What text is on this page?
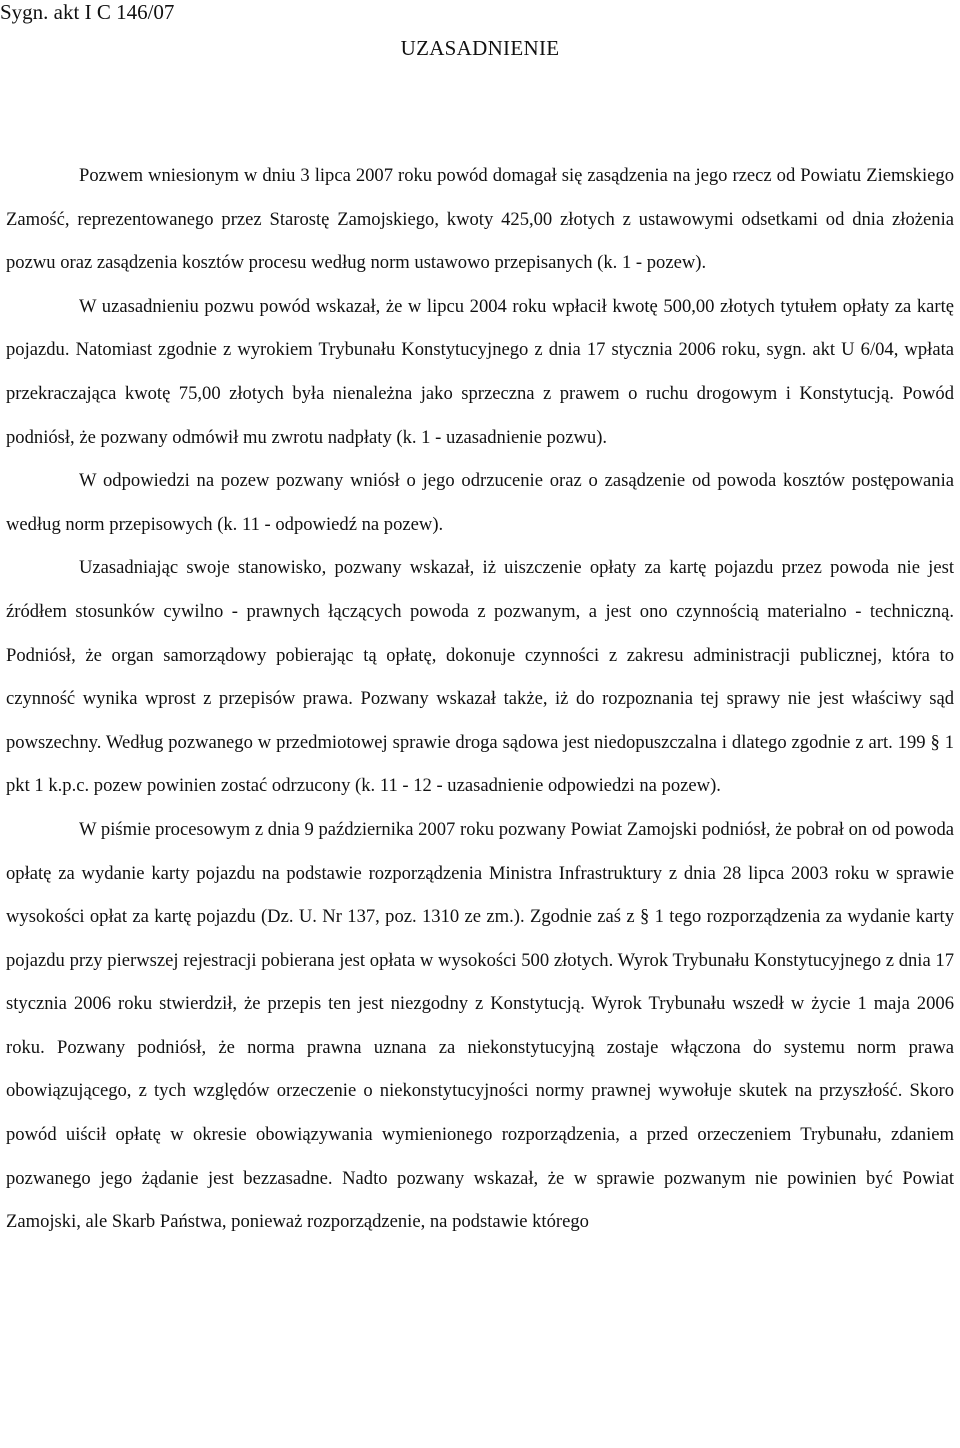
Sygn. akt I C 146/07
UZASADNIENIE

Pozwem wniesionym w dniu 3 lipca 2007 roku powód domagał się zasądzenia na jego rzecz od Powiatu Ziemskiego Zamość, reprezentowanego przez Starostę Zamojskiego, kwoty 425,00 złotych z ustawowymi odsetkami od dnia złożenia pozwu oraz zasądzenia kosztów procesu według norm ustawowo przepisanych (k. 1 - pozew).

W uzasadnieniu pozwu powód wskazał, że w lipcu 2004 roku wpłacił kwotę 500,00 złotych tytułem opłaty za kartę pojazdu. Natomiast zgodnie z wyrokiem Trybunału Konstytucyjnego z dnia 17 stycznia 2006 roku, sygn. akt U 6/04, wpłata przekraczająca kwotę 75,00 złotych była nienależna jako sprzeczna z prawem o ruchu drogowym i Konstytucją. Powód podniósł, że pozwany odmówił mu zwrotu nadpłaty (k. 1 - uzasadnienie pozwu).

W odpowiedzi na pozew pozwany wniósł o jego odrzucenie oraz o zasądzenie od powoda kosztów postępowania według norm przepisowych (k. 11 - odpowiedź na pozew).

Uzasadniając swoje stanowisko, pozwany wskazał, iż uiszczenie opłaty za kartę pojazdu przez powoda nie jest źródłem stosunków cywilno - prawnych łączących powoda z pozwanym, a jest ono czynnością materialno - techniczną. Podniósł, że organ samorządowy pobierając tą opłatę, dokonuje czynności z zakresu administracji publicznej, która to czynność wynika wprost z przepisów prawa. Pozwany wskazał także, iż do rozpoznania tej sprawy nie jest właściwy sąd powszechny. Według pozwanego w przedmiotowej sprawie droga sądowa jest niedopuszczalna i dlatego zgodnie z art. 199 § 1 pkt 1 k.p.c. pozew powinien zostać odrzucony (k. 11 - 12 - uzasadnienie odpowiedzi na pozew).

W piśmie procesowym z dnia 9 października 2007 roku pozwany Powiat Zamojski podniósł, że pobrał on od powoda opłatę za wydanie karty pojazdu na podstawie rozporządzenia Ministra Infrastruktury z dnia 28 lipca 2003 roku w sprawie wysokości opłat za kartę pojazdu (Dz. U. Nr 137, poz. 1310 ze zm.). Zgodnie zaś z § 1 tego rozporządzenia za wydanie karty pojazdu przy pierwszej rejestracji pobierana jest opłata w wysokości 500 złotych. Wyrok Trybunału Konstytucyjnego z dnia 17 stycznia 2006 roku stwierdził, że przepis ten jest niezgodny z Konstytucją. Wyrok Trybunału wszedł w życie 1 maja 2006 roku. Pozwany podniósł, że norma prawna uznana za niekonstytucyjną zostaje włączona do systemu norm prawa obowiązującego, z tych względów orzeczenie o niekonstytucyjności normy prawnej wywołuje skutek na przyszłość. Skoro powód uiścił opłatę w okresie obowiązywania wymienionego rozporządzenia, a przed orzeczeniem Trybunału, zdaniem pozwanego jego żądanie jest bezzasadne. Nadto pozwany wskazał, że w sprawie pozwanym nie powinien być Powiat Zamojski, ale Skarb Państwa, ponieważ rozporządzenie, na podstawie którego
